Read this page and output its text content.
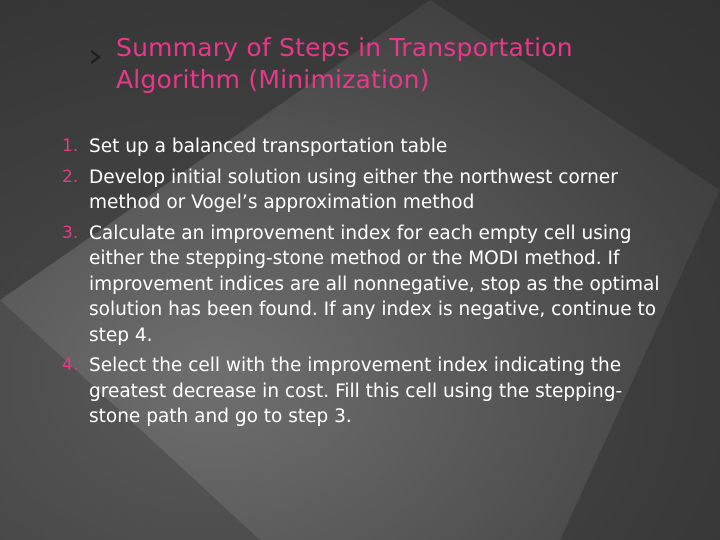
Summary of Steps in Transportation
Algorithm (Minimization)
1. Set up a balanced transportation table
2. Develop initial solution using either the northwest corner method or Vogel’s approximation method
3. Calculate an improvement index for each empty cell using either the stepping-stone method or the MODI method. If improvement indices are all nonnegative, stop as the optimal solution has been found. If any index is negative, continue to step 4.
4. Select the cell with the improvement index indicating the greatest decrease in cost. Fill this cell using the stepping-stone path and go to step 3.
